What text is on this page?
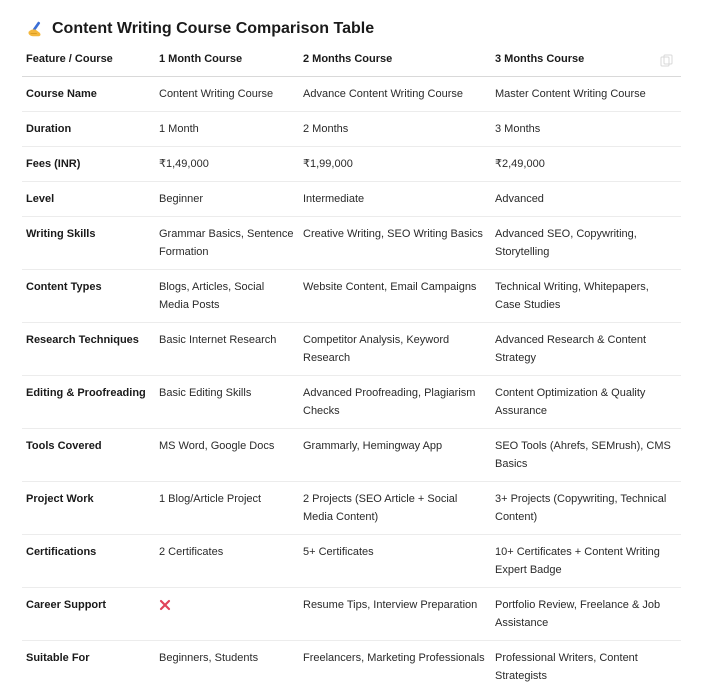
Content Writing Course Comparison Table
Feature / Course	1 Month Course	2 Months Course	3 Months Course
Course Name	Content Writing Course	Advance Content Writing Course	Master Content Writing Course
Duration	1 Month	2 Months	3 Months
Fees (INR)	₹1,49,000	₹1,99,000	₹2,49,000
Level	Beginner	Intermediate	Advanced
Writing Skills	Grammar Basics, Sentence Formation	Creative Writing, SEO Writing Basics	Advanced SEO, Copywriting, Storytelling
Content Types	Blogs, Articles, Social Media Posts	Website Content, Email Campaigns	Technical Writing, Whitepapers, Case Studies
Research Techniques	Basic Internet Research	Competitor Analysis, Keyword Research	Advanced Research & Content Strategy
Editing & Proofreading	Basic Editing Skills	Advanced Proofreading, Plagiarism Checks	Content Optimization & Quality Assurance
Tools Covered	MS Word, Google Docs	Grammarly, Hemingway App	SEO Tools (Ahrefs, SEMrush), CMS Basics
Project Work	1 Blog/Article Project	2 Projects (SEO Article + Social Media Content)	3+ Projects (Copywriting, Technical Content)
Certifications	2 Certificates	5+ Certificates	10+ Certificates + Content Writing Expert Badge
Career Support		Resume Tips, Interview Preparation	Portfolio Review, Freelance & Job Assistance
Suitable For	Beginners, Students	Freelancers, Marketing Professionals	Professional Writers, Content Strategists
